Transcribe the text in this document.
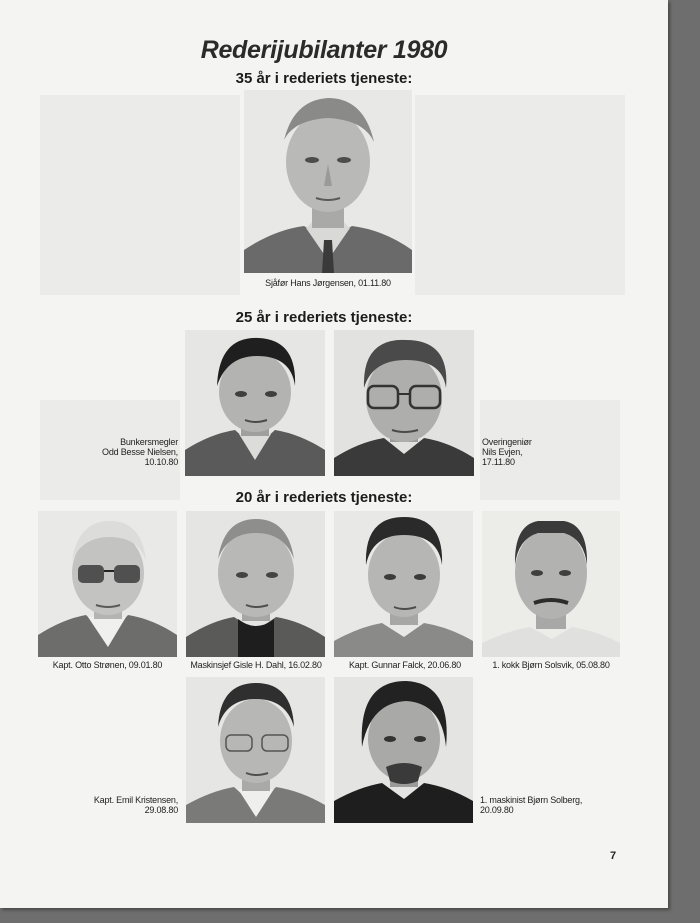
Rederijubilanter 1980
35 år i rederiets tjeneste:
25 år i rederiets tjeneste:
20 år i rederiets tjeneste:
Sjåfør Hans Jørgensen, 01.11.80
Bunkersmegler
Odd Besse Nielsen,
10.10.80
Overingeniør
Nils Evjen,
17.11.80
Kapt. Otto Strønen, 09.01.80	Maskinsjef Gisle H. Dahl, 16.02.80	Kapt. Gunnar Falck, 20.06.80	1. kokk Bjørn Solsvik, 05.08.80
Kapt. Emil Kristensen,
29.08.80
1. maskinist Bjørn Solberg,
20.09.80
7
